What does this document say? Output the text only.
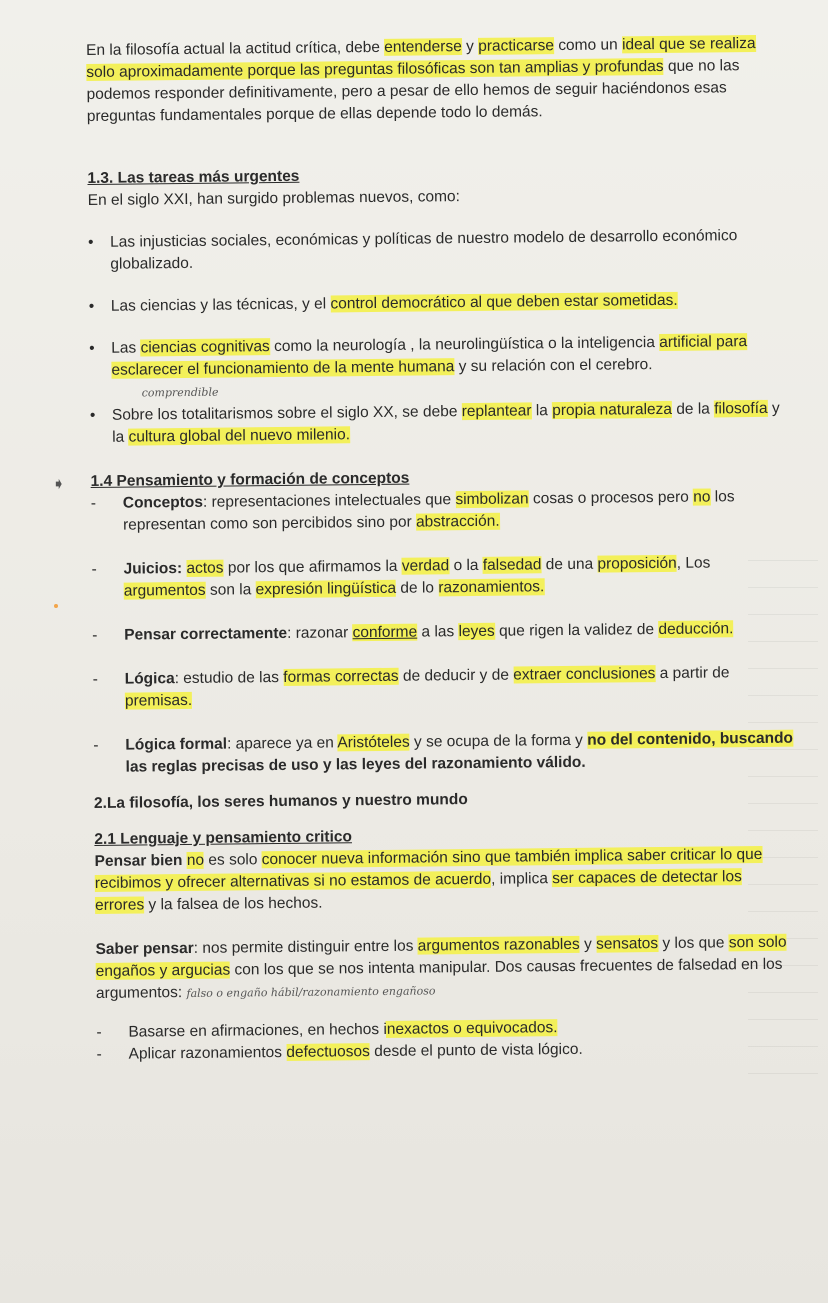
➧

En la filosofía actual la actitud crítica, debe entenderse y practicarse como un ideal que se realiza solo aproximadamente porque las preguntas filosóficas son tan amplias y profundas que no las podemos responder definitivamente, pero a pesar de ello hemos de seguir haciéndonos esas preguntas fundamentales porque de ellas depende todo lo demás.

1.3. Las tareas más urgentes

En el siglo XXI, han surgido problemas nuevos, como:

• Las injusticias sociales, económicas y políticas de nuestro modelo de desarrollo económico globalizado.
• Las ciencias y las técnicas, y el control democrático al que deben estar sometidas.
• Las ciencias cognitivas como la neurología , la neurolingüística o la inteligencia artificial para esclarecer el funcionamiento de la mente humana y su relación con el cerebro.
comprendible
• Sobre los totalitarismos sobre el siglo XX, se debe replantear la propia naturaleza de la filosofía y la cultura global del nuevo milenio.

1.4 Pensamiento y formación de conceptos

- Conceptos: representaciones intelectuales que simbolizan cosas o procesos pero no los representan como son percibidos sino por abstracción.
- Juicios: actos por los que afirmamos la verdad o la falsedad de una proposición, Los argumentos son la expresión lingüística de lo razonamientos.
- Pensar correctamente: razonar conforme a las leyes que rigen la validez de deducción.
- Lógica: estudio de las formas correctas de deducir y de extraer conclusiones a partir de premisas.
- Lógica formal: aparece ya en Aristóteles y se ocupa de la forma y no del contenido, buscando las reglas precisas de uso y las leyes del razonamiento válido.

2.La filosofía, los seres humanos y nuestro mundo

2.1 Lenguaje y pensamiento critico

Pensar bien no es solo conocer nueva información sino que también implica saber criticar lo que recibimos y ofrecer alternativas si no estamos de acuerdo, implica ser capaces de detectar los errores y la falsea de los hechos.

Saber pensar: nos permite distinguir entre los argumentos razonables y sensatos y los que son solo engaños y argucias con los que se nos intenta manipular. Dos causas frecuentes de falsedad en los argumentos: falso o engaño hábil/razonamiento engañoso

- Basarse en afirmaciones, en hechos inexactos o equivocados.
- Aplicar razonamientos defectuosos desde el punto de vista lógico.
